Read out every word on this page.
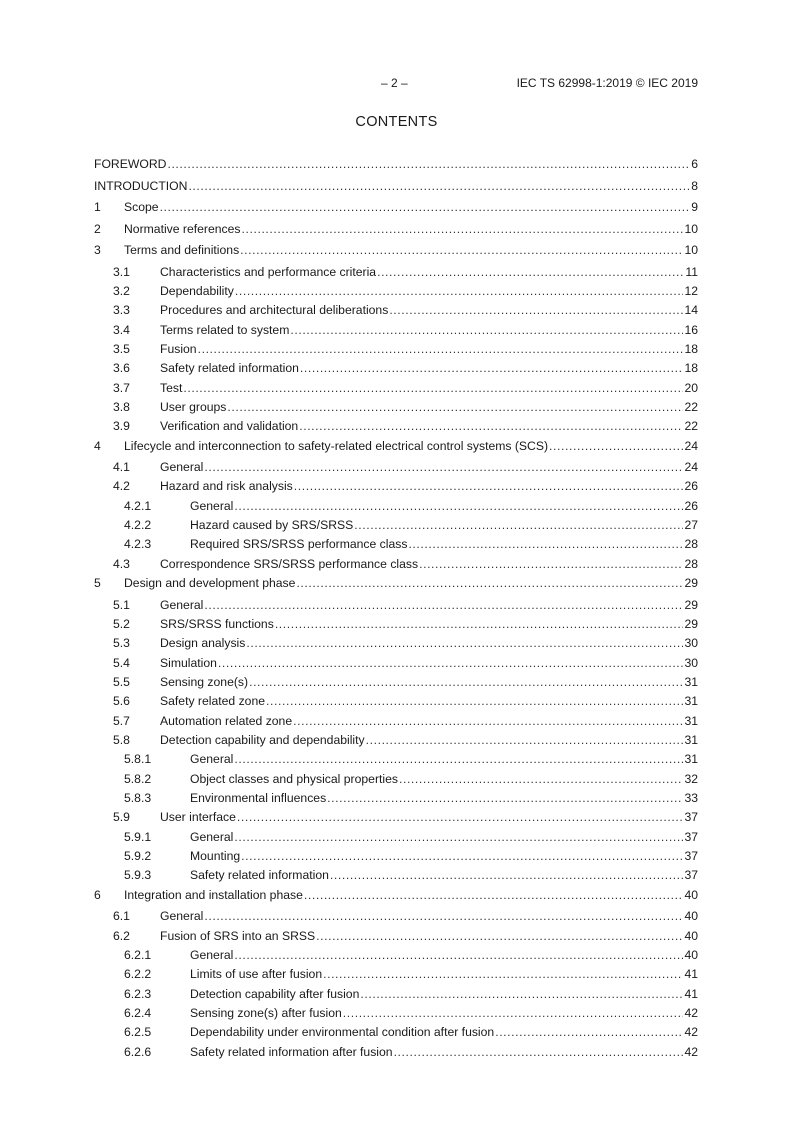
– 2 –	IEC TS 62998-1:2019 © IEC 2019
CONTENTS
FOREWORD .....	6
INTRODUCTION .....	8
1 Scope .....	9
2 Normative references .....	10
3 Terms and definitions .....	10
3.1 Characteristics and performance criteria .....	11
3.2 Dependability .....	12
3.3 Procedures and architectural deliberations .....	14
3.4 Terms related to system .....	16
3.5 Fusion .....	18
3.6 Safety related information .....	18
3.7 Test .....	20
3.8 User groups .....	22
3.9 Verification and validation .....	22
4 Lifecycle and interconnection to safety-related electrical control systems (SCS) .....	24
4.1 General .....	24
4.2 Hazard and risk analysis .....	26
4.2.1	General .....	26
4.2.2	Hazard caused by SRS/SRSS .....	27
4.2.3	Required SRS/SRSS performance class .....	28
4.3 Correspondence SRS/SRSS performance class .....	28
5 Design and development phase .....	29
5.1 General .....	29
5.2 SRS/SRSS functions .....	29
5.3 Design analysis .....	30
5.4 Simulation .....	30
5.5 Sensing zone(s) .....	31
5.6 Safety related zone .....	31
5.7 Automation related zone .....	31
5.8 Detection capability and dependability .....	31
5.8.1	General .....	31
5.8.2	Object classes and physical properties .....	32
5.8.3	Environmental influences .....	33
5.9 User interface .....	37
5.9.1	General .....	37
5.9.2	Mounting .....	37
5.9.3	Safety related information .....	37
6 Integration and installation phase .....	40
6.1 General .....	40
6.2 Fusion of SRS into an SRSS .....	40
6.2.1	General .....	40
6.2.2	Limits of use after fusion .....	41
6.2.3	Detection capability after fusion .....	41
6.2.4	Sensing zone(s) after fusion .....	42
6.2.5	Dependability under environmental condition after fusion .....	42
6.2.6	Safety related information after fusion .....	42
